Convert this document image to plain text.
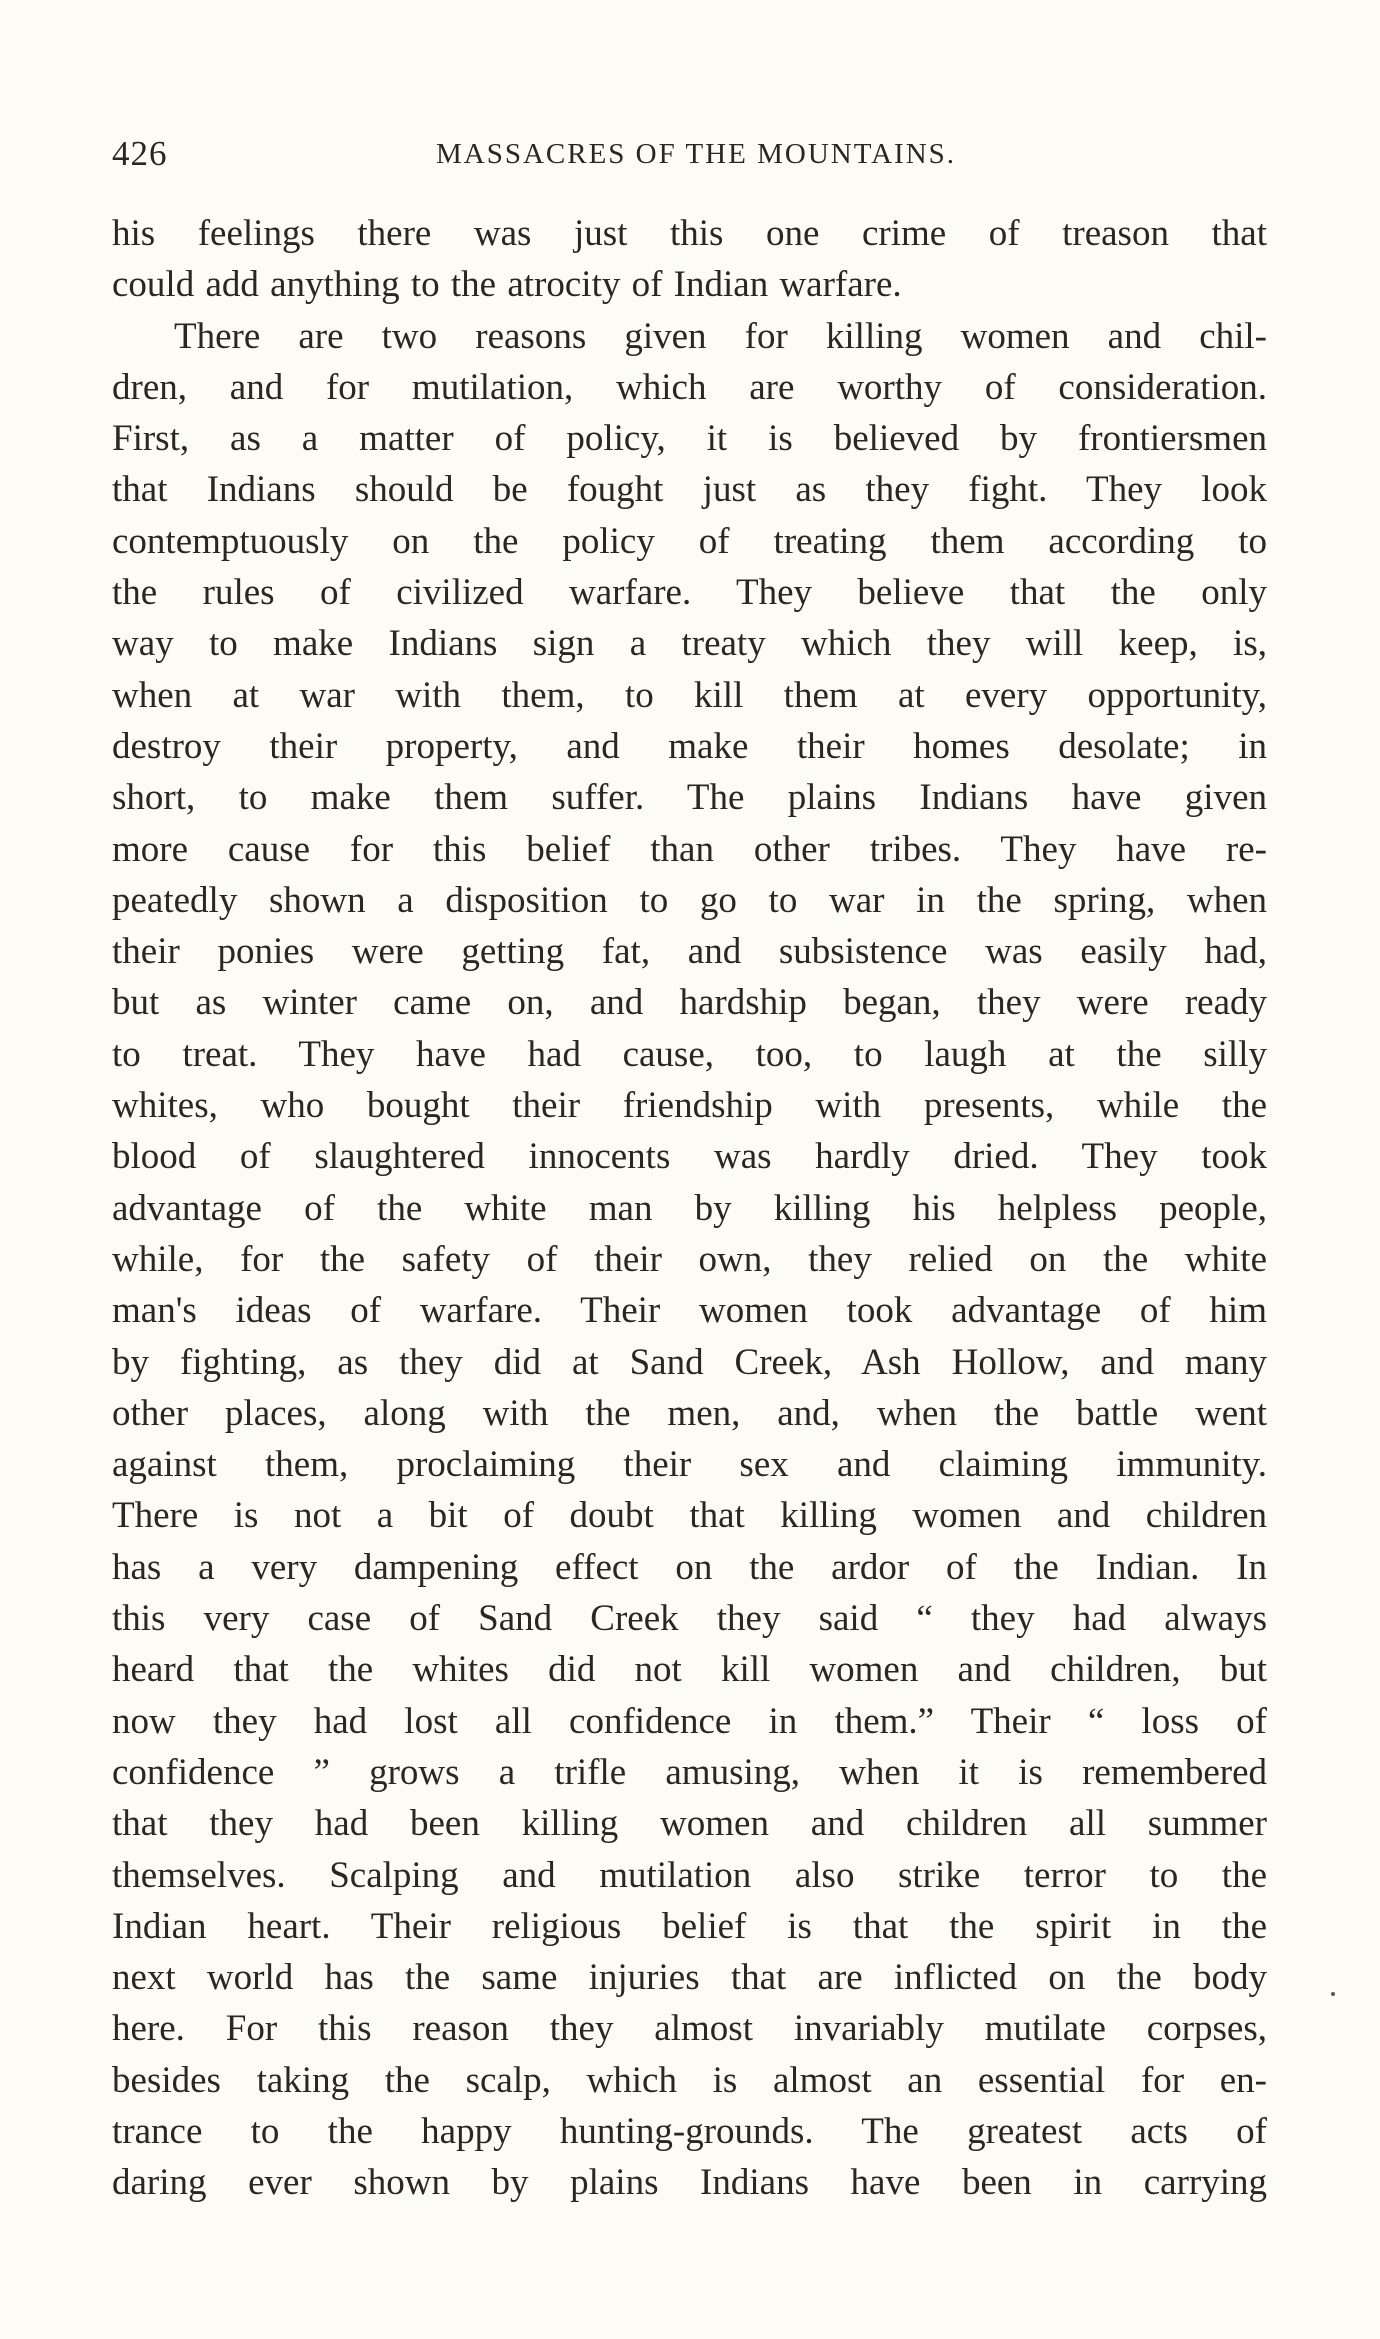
426	MASSACRES OF THE MOUNTAINS.
his feelings there was just this one crime of treason that
could add anything to the atrocity of Indian warfare.
There are two reasons given for killing women and chil-
dren, and for mutilation, which are worthy of consideration.
First, as a matter of policy, it is believed by frontiersmen
that Indians should be fought just as they fight. They look
contemptuously on the policy of treating them according to
the rules of civilized warfare. They believe that the only
way to make Indians sign a treaty which they will keep, is,
when at war with them, to kill them at every opportunity,
destroy their property, and make their homes desolate; in
short, to make them suffer. The plains Indians have given
more cause for this belief than other tribes. They have re-
peatedly shown a disposition to go to war in the spring, when
their ponies were getting fat, and subsistence was easily had,
but as winter came on, and hardship began, they were ready
to treat. They have had cause, too, to laugh at the silly
whites, who bought their friendship with presents, while the
blood of slaughtered innocents was hardly dried. They took
advantage of the white man by killing his helpless people,
while, for the safety of their own, they relied on the white
man's ideas of warfare. Their women took advantage of him
by fighting, as they did at Sand Creek, Ash Hollow, and many
other places, along with the men, and, when the battle went
against them, proclaiming their sex and claiming immunity.
There is not a bit of doubt that killing women and children
has a very dampening effect on the ardor of the Indian. In
this very case of Sand Creek they said “ they had always
heard that the whites did not kill women and children, but
now they had lost all confidence in them.” Their “ loss of
confidence ” grows a trifle amusing, when it is remembered
that they had been killing women and children all summer
themselves. Scalping and mutilation also strike terror to the
Indian heart. Their religious belief is that the spirit in the
next world has the same injuries that are inflicted on the body
here. For this reason they almost invariably mutilate corpses,
besides taking the scalp, which is almost an essential for en-
trance to the happy hunting-grounds. The greatest acts of
daring ever shown by plains Indians have been in carrying
